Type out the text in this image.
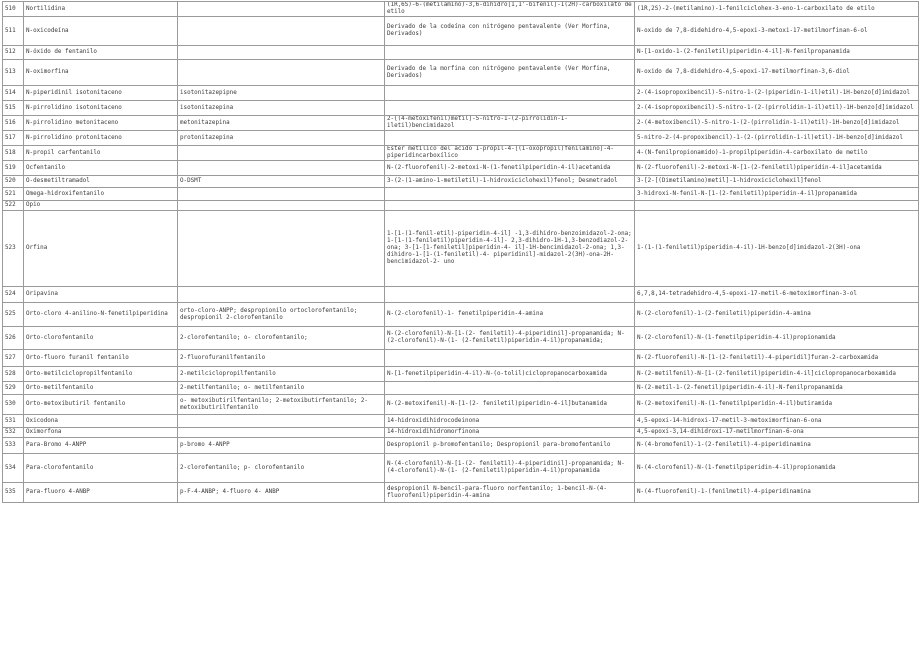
510	Nortilidina		(1R,6S)-6-(metilamino)-3,6-dihidro[1,1'-bifenil]-1(2H)-carboxilato de etilo	(1R,2S)-2-(metilamino)-1-fenilciclohex-3-eno-1-carboxilato de etilo
511	N-oxicodeína		Derivado de la codeína con nitrógeno pentavalente (Ver Morfina, Derivados)	N-oxido de 7,8-didehidro-4,5-epoxi-3-metoxi-17-metilmorfinan-6-ol
512	N-óxido de fentanilo			N-[1-oxido-1-(2-feniletil)piperidin-4-il]-N-fenilpropanamida
513	N-oximorfina		Derivado de la morfina con nitrógeno pentavalente (Ver Morfina, Derivados)	N-oxido de 7,8-didehidro-4,5-epoxi-17-metilmorfinan-3,6-diol
514	N-piperidinil isotonitaceno	isotonitazepipne		2-(4-isopropoxibencil)-5-nitro-1-(2-(piperidin-1-il)etil)-1H-benzo[d]imidazol
515	N-pirrolidino isotonitaceno	isotonitazepina		2-(4-isopropoxibencil)-5-nitro-1-(2-(pirrolidin-1-il)etil)-1H-benzo[d]imidazol
516	N-pirrolidino metonitaceno	metonitazepina	2-[(4-metoxifenil)metil]-5-nitro-1-(2-pirrolidin-1-iletil)bencimidazol	2-(4-metoxibencil)-5-nitro-1-(2-(pirrolidin-1-il)etil)-1H-benzo[d]imidazol
517	N-pirrolidino protonitaceno	protonitazepina		5-nitro-2-(4-propoxibencil)-1-(2-(pirrolidin-1-il)etil)-1H-benzo[d]imidazol
518	N-propil carfentanilo		Ester metílico del ácido 1-propil-4-[(1-oxopropil)fenilamino]-4-piperidincarboxílico	4-(N-fenilpropionamido)-1-propilpiperidin-4-carboxilato de metilo
519	Ocfentanilo		N-(2-fluorofenil)-2-metoxi-N-(1-fenetilpiperidin-4-il)acetamida	N-(2-fluorofenil)-2-metoxi-N-[1-(2-feniletil)piperidin-4-il]acetamida
520	O-desmetiltramadol	O-DSMT	3-(2-(1-amino-1-metiletil)-1-hidroxiciclohexil)fenol; Desmetradol	3-[2-[(Dimetilamino)metil]-1-hidroxiciclohexil]fenol
521	Omega-hidroxifentanilo			3-hidroxi-N-fenil-N-[1-(2-feniletil)piperidin-4-il]propanamida
522	Opio			
523	Orfina		1-[1-(1-fenil-etil)-piperidin-4-il] -1,3-dihidro-benzoimidazol-2-ona; 1-[1-(1-feniletil)piperidin-4-il]- 2,3-dihidro-1H-1,3-benzodiazol-2-ona; 3-[1-[1-feniletil]piperidin-4- il]-1H-bencimidazol-2-ona; 1,3- dihidro-1-[1-(1-feniletil)-4- piperidinil]-midazol-2(3H)-ona-2H- bencimidazol-2- uno	1-(1-(1-feniletil)piperidin-4-il)-1H-benzo[d]imidazol-2(3H)-ona
524	Oripavina			6,7,8,14-tetradehidro-4,5-epoxi-17-metil-6-metoximorfinan-3-ol
525	Orto-cloro 4-anilino-N-fenetilpiperidina	orto-cloro-ANPP; despropionilo ortoclorofentanilo; despropionil 2-clorofentanilo	N-(2-clorofenil)-1- fenetilpiperidin-4-amina	N-(2-clorofenil)-1-(2-feniletil)piperidin-4-amina
526	Orto-clorofentanilo	2-clorofentanilo; o- clorofentanilo;	N-(2-clorofenil)-N-[1-(2- feniletil)-4-piperidinil]-propanamida; N-(2-clorofenil)-N-(1- (2-feniletil)piperidin-4-il)propanamida;	N-(2-clorofenil)-N-(1-fenetilpiperidin-4-il)propionamida
527	Orto-fluoro furanil fentanilo	2-fluorofuranilfentanilo		N-(2-fluorofenil)-N-[1-(2-feniletil)-4-piperidil]furan-2-carboxamida
528	Orto-metilciclopropilfentanilo	2-metilciclopropilfentanilo	N-[1-fenetilpiperidin-4-il)-N-(o-tolil)ciclopropanocarboxamida	N-(2-metilfenil)-N-[1-(2-feniletil)piperidin-4-il]ciclopropanocarboxamida
529	Orto-metilfentanilo	2-metilfentanilo; o- metilfentanilo		N-(2-metil-1-(2-fenetil)piperidin-4-il)-N-fenilpropanamida
530	Orto-metoxibutiril fentanilo	o- metoxibutirilfentanilo; 2-metoxibutirfentanilo; 2-metoxibutirilfentanilo	N-(2-metoxifenil)-N-[1-(2- feniletil)piperidin-4-il]butanamida	N-(2-metoxifenil)-N-(1-fenetilpiperidin-4-il)butiramida
531	Oxicodona		14-hidroxidihidrocodeinona	4,5-epoxi-14-hidroxi-17-metil-3-metoximorfinan-6-ona
532	Oximorfona		14-hidroxidihidromorfinona	4,5-epoxi-3,14-dihidroxi-17-metilmorfinan-6-ona
533	Para-Bromo 4-ANPP	p-bromo 4-ANPP	Despropionil p-bromofentanilo; Despropionil para-bromofentanilo	N-(4-bromofenil)-1-(2-feniletil)-4-piperidinamina
534	Para-clorofentanilo	2-clorofentanilo; p- clorofentanilo	N-(4-clorofenil)-N-[1-(2- feniletil)-4-piperidinil]-propanamida; N-(4-clorofenil)-N-(1- (2-feniletil)piperidin-4-il)propanamida	N-(4-clorofenil)-N-(1-fenetilpiperidin-4-il)propionamida
535	Para-fluoro 4-ANBP	p-F-4-ANBP; 4-fluoro 4- ANBP	despropionil N-bencil-para-fluoro norfentanilo; 1-bencil-N-(4- fluorofenil)piperidin-4-amina	N-(4-fluorofenil)-1-(fenilmetil)-4-piperidinamina
